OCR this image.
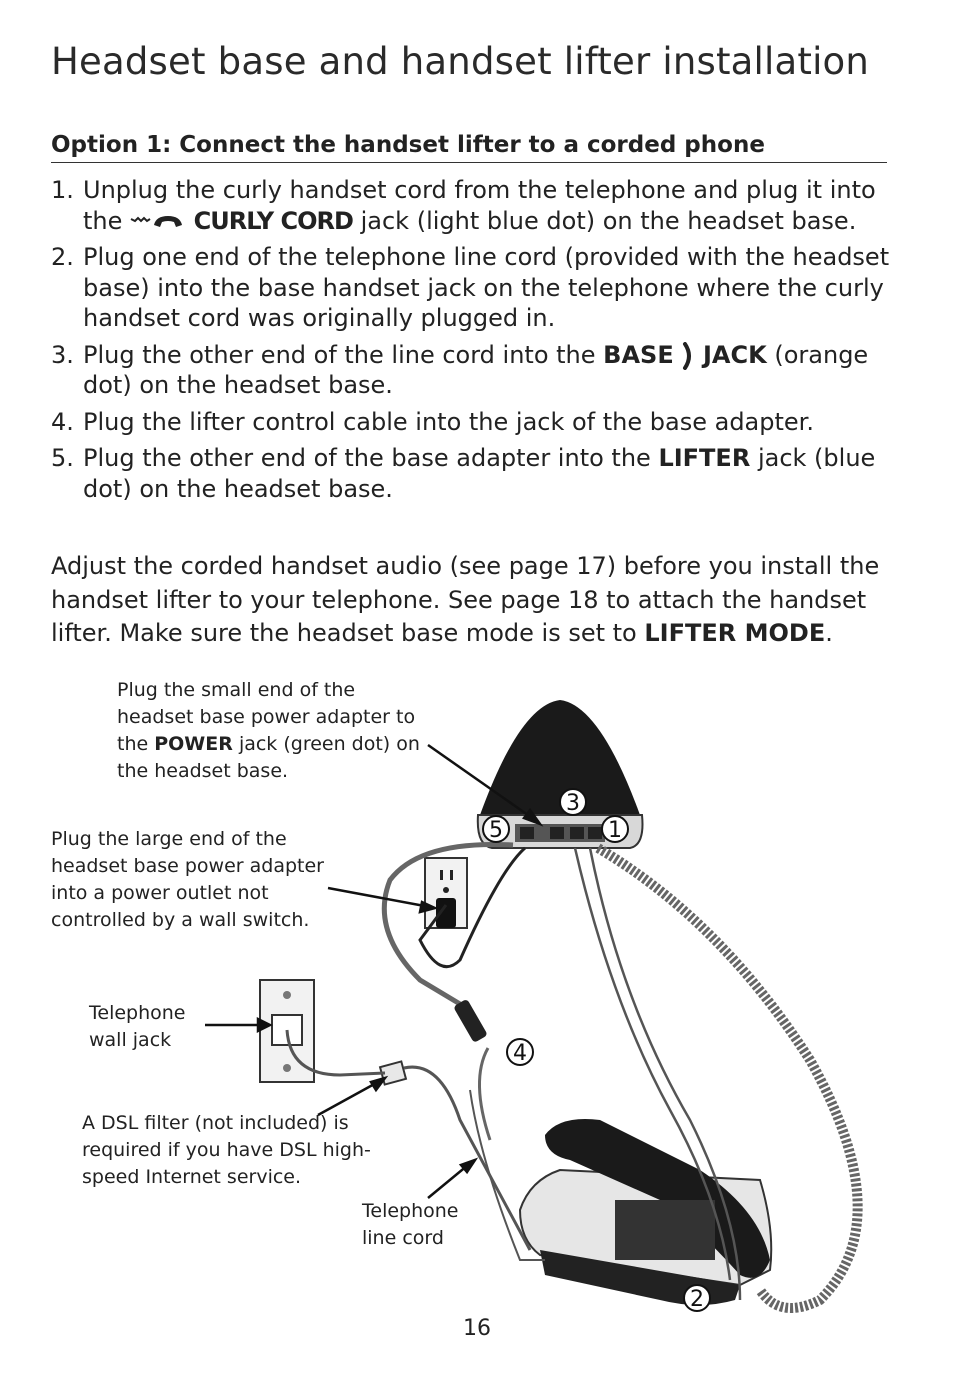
Headset base and handset lifter installation
Option 1: Connect the handset lifter to a corded phone
1. Unplug the curly handset cord from the telephone and plug it into the	CURLY CORD jack (light blue dot) on the headset base.
2. Plug one end of the telephone line cord (provided with the headset base) into the base handset jack on the telephone where the curly handset cord was originally plugged in.
3. Plug the other end of the line cord into the BASE JACK (orange dot) on the headset base.
4. Plug the lifter control cable into the jack of the base adapter.
5. Plug the other end of the base adapter into the LIFTER jack (blue dot) on the headset base.
Adjust the corded handset audio (see page 17) before you install the handset lifter to your telephone. See page 18 to attach the handset lifter. Make sure the headset base mode is set to LIFTER MODE.
1
2
3
4
5
Plug the small end of the headset base power adapter to the POWER jack (green dot) on the headset base.
Plug the large end of the headset base power adapter into a power outlet not controlled by a wall switch.
Telephone wall jack
A DSL filter (not included) is required if you have DSL high-speed Internet service.
Telephone line cord
16
